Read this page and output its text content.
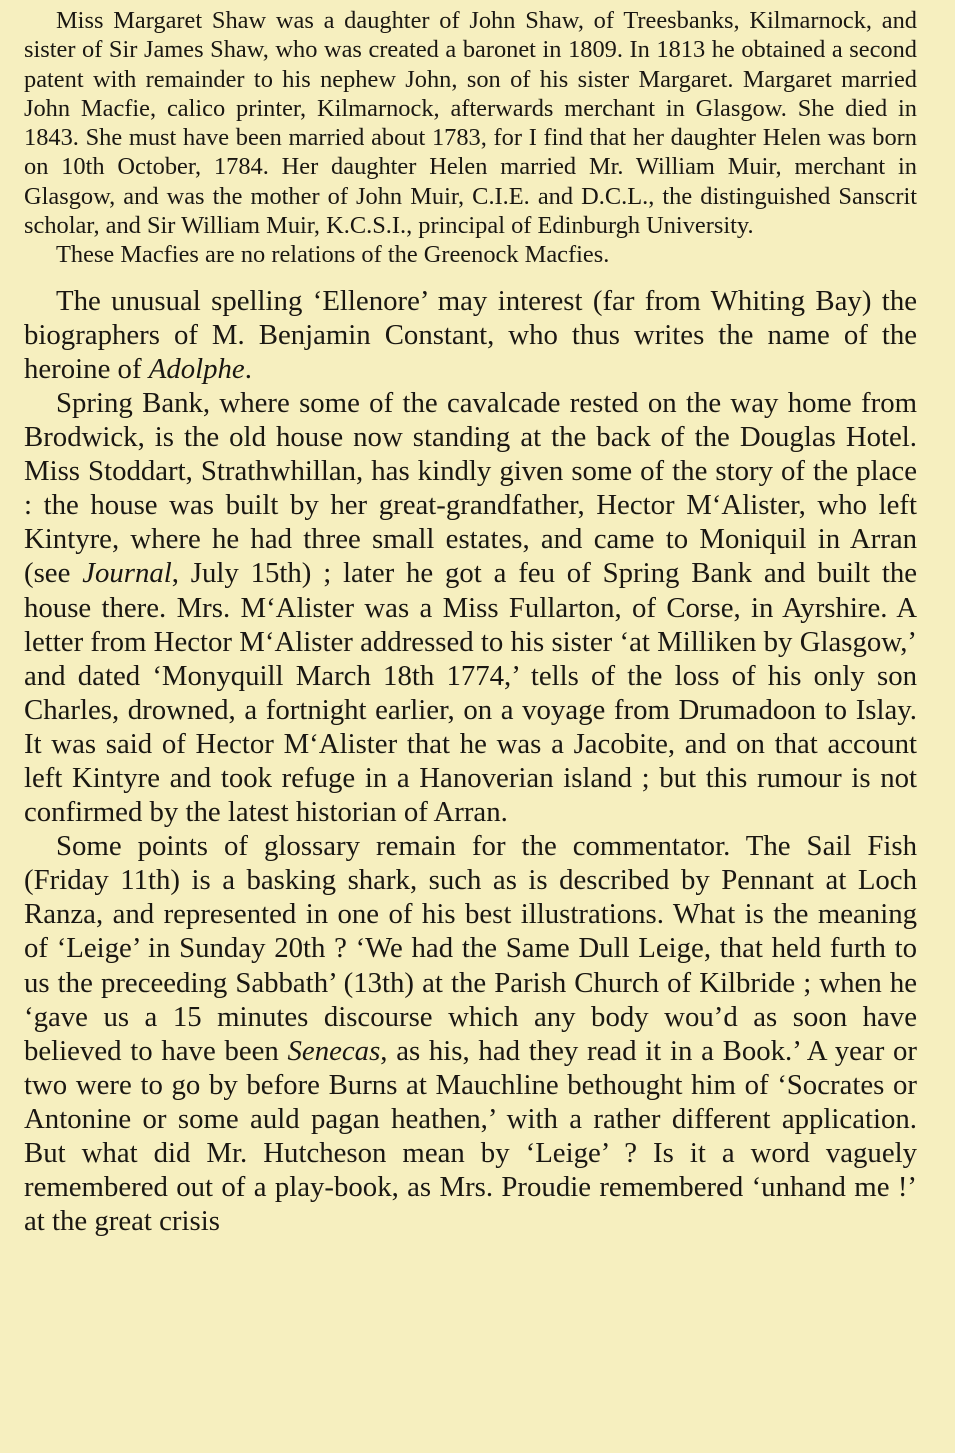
Miss Margaret Shaw was a daughter of John Shaw, of Treesbanks, Kilmarnock, and sister of Sir James Shaw, who was created a baronet in 1809. In 1813 he obtained a second patent with remainder to his nephew John, son of his sister Margaret. Margaret married John Macfie, calico printer, Kilmarnock, afterwards merchant in Glasgow. She died in 1843. She must have been married about 1783, for I find that her daughter Helen was born on 10th October, 1784. Her daughter Helen married Mr. William Muir, merchant in Glasgow, and was the mother of John Muir, C.I.E. and D.C.L., the distinguished Sanscrit scholar, and Sir William Muir, K.C.S.I., principal of Edinburgh University.

These Macfies are no relations of the Greenock Macfies.

The unusual spelling ‘Ellenore’ may interest (far from Whiting Bay) the biographers of M. Benjamin Constant, who thus writes the name of the heroine of Adolphe.

Spring Bank, where some of the cavalcade rested on the way home from Brodwick, is the old house now standing at the back of the Douglas Hotel. Miss Stoddart, Strathwhillan, has kindly given some of the story of the place : the house was built by her great-grandfather, Hector M‘Alister, who left Kintyre, where he had three small estates, and came to Moniquil in Arran (see Journal, July 15th) ; later he got a feu of Spring Bank and built the house there. Mrs. M‘Alister was a Miss Fullarton, of Corse, in Ayrshire. A letter from Hector M‘Alister addressed to his sister ‘at Milliken by Glasgow,’ and dated ‘Monyquill March 18th 1774,’ tells of the loss of his only son Charles, drowned, a fortnight earlier, on a voyage from Drumadoon to Islay. It was said of Hector M‘Alister that he was a Jacobite, and on that account left Kintyre and took refuge in a Hanoverian island ; but this rumour is not confirmed by the latest historian of Arran.

Some points of glossary remain for the commentator. The Sail Fish (Friday 11th) is a basking shark, such as is described by Pennant at Loch Ranza, and represented in one of his best illustrations. What is the meaning of ‘Leige’ in Sunday 20th ? ‘We had the Same Dull Leige, that held furth to us the preceeding Sabbath’ (13th) at the Parish Church of Kilbride ; when he ‘gave us a 15 minutes discourse which any body wou’d as soon have believed to have been Senecas, as his, had they read it in a Book.’ A year or two were to go by before Burns at Mauchline bethought him of ‘Socrates or Antonine or some auld pagan heathen,’ with a rather different application. But what did Mr. Hutcheson mean by ‘Leige’ ? Is it a word vaguely remembered out of a play-book, as Mrs. Proudie remembered ‘unhand me !’ at the great crisis
